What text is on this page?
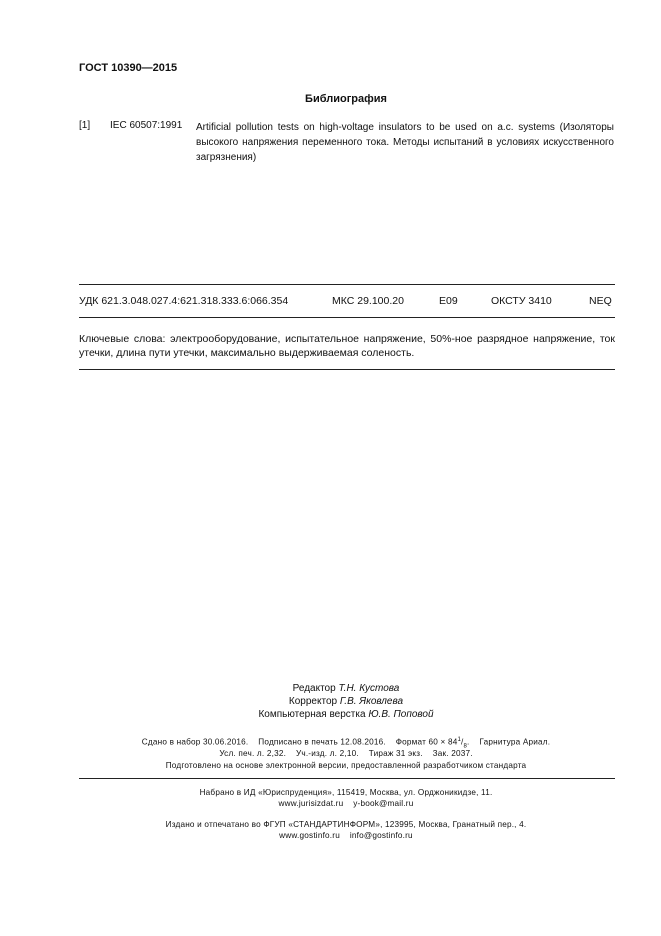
ГОСТ 10390—2015
Библиография
[1] IEC 60507:1991 Artificial pollution tests on high-voltage insulators to be used on a.c. systems (Изоляторы высокого напряжения переменного тока. Методы испытаний в условиях искусственного загрязнения)
УДК 621.3.048.027.4:621.318.333.6:066.354	МКС 29.100.20	Е09	ОКСТУ 3410	NEQ
Ключевые слова: электрооборудование, испытательное напряжение, 50%-ное разрядное напряжение, ток утечки, длина пути утечки, максимально выдерживаемая соленость.
Редактор Т.Н. Кустова
Корректор Г.В. Яковлева
Компьютерная верстка Ю.В. Поповой
Сдано в набор 30.06.2016.    Подписано в печать 12.08.2016.    Формат $60 \times 84^1/_8$.    Гарнитура Ариал.
Усл. печ. л. 2,32.    Уч.-изд. л. 2,10.    Тираж 31 экз.    Зак. 2037.
Подготовлено на основе электронной версии, предоставленной разработчиком стандарта
Набрано в ИД «Юриспруденция», 115419, Москва, ул. Орджоникидзе, 11.
www.jurisizdat.ru    y-book@mail.ru
Издано и отпечатано во ФГУП «СТАНДАРТИНФОРМ», 123995, Москва, Гранатный пер., 4.
www.gostinfo.ru    info@gostinfo.ru
